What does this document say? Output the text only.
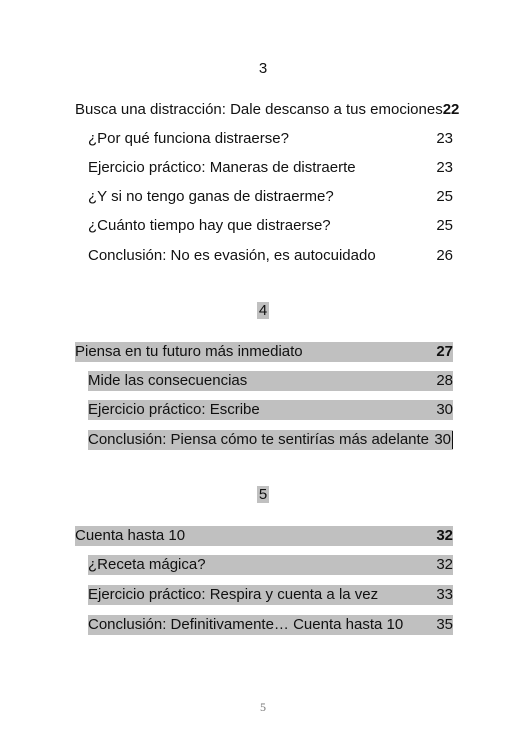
3
Busca una distracción: Dale descanso a tus emociones 22
¿Por qué funciona distraerse?	23
Ejercicio práctico: Maneras de distraerte	23
¿Y si no tengo ganas de distraerme?	25
¿Cuánto tiempo hay que distraerse?	25
Conclusión: No es evasión, es autocuidado	26
4
Piensa en tu futuro más inmediato	27
Mide las consecuencias	28
Ejercicio práctico: Escribe	30
Conclusión: Piensa cómo te sentirías más adelante 30
5
Cuenta hasta 10	32
¿Receta mágica?	32
Ejercicio práctico: Respira y cuenta a la vez	33
Conclusión: Definitivamente… Cuenta hasta 10 35
5
